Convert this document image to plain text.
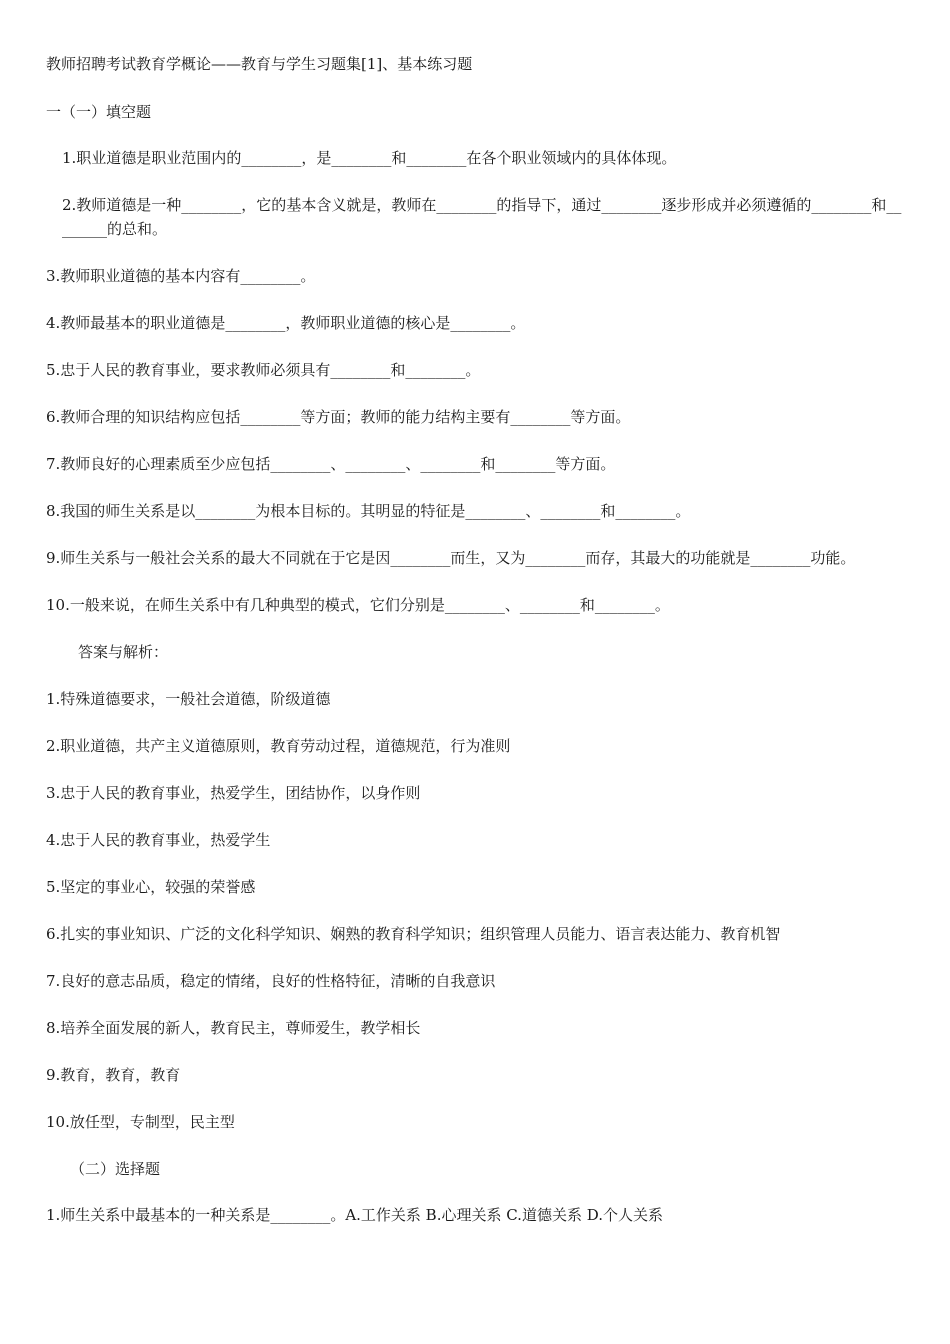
教师招聘考试教育学概论——教育与学生习题集[1]、基本练习题

一（一）填空题

1.职业道德是职业范围内的________，是________和________在各个职业领域内的具体体现。

2.教师道德是一种________，它的基本含义就是，教师在________的指导下，通过________逐步形成并必须遵循的________和________的总和。

3.教师职业道德的基本内容有________。

4.教师最基本的职业道德是________，教师职业道德的核心是________。

5.忠于人民的教育事业，要求教师必须具有________和________。

6.教师合理的知识结构应包括________等方面；教师的能力结构主要有________等方面。

7.教师良好的心理素质至少应包括________、________、________和________等方面。

8.我国的师生关系是以________为根本目标的。其明显的特征是________、________和________。

9.师生关系与一般社会关系的最大不同就在于它是因________而生，又为________而存，其最大的功能就是________功能。

10.一般来说，在师生关系中有几种典型的模式，它们分别是________、________和________。

答案与解析：

1.特殊道德要求，一般社会道德，阶级道德

2.职业道德，共产主义道德原则，教育劳动过程，道德规范，行为准则

3.忠于人民的教育事业，热爱学生，团结协作，以身作则

4.忠于人民的教育事业，热爱学生

5.坚定的事业心，较强的荣誉感

6.扎实的事业知识、广泛的文化科学知识、娴熟的教育科学知识；组织管理人员能力、语言表达能力、教育机智

7.良好的意志品质，稳定的情绪，良好的性格特征，清晰的自我意识

8.培养全面发展的新人，教育民主，尊师爱生，教学相长

9.教育，教育，教育

10.放任型，专制型，民主型

（二）选择题

1.师生关系中最基本的一种关系是________。A.工作关系 B.心理关系 C.道德关系 D.个人关系
